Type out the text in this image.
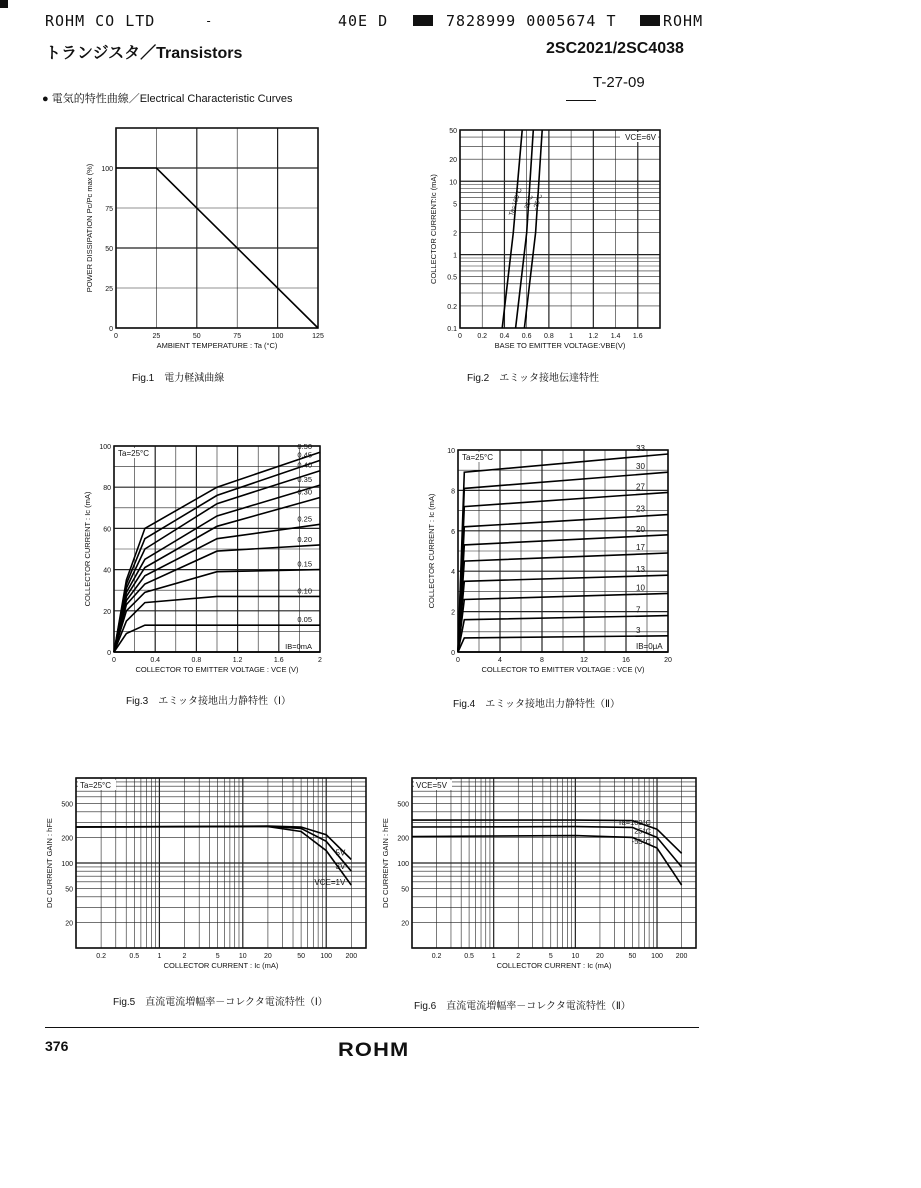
ROHM CO LTD	-	40E D	7828999 0005674 T	ROHM
トランジスタ／Transistors	2SC2021/2SC4038
T-27-09
● 電気的特性曲線／Electrical Characteristic Curves
0	25	50	75	100	125
0
25
50
75
100
AMBIENT TEMPERATURE : Ta (°C)
POWER DISSIPATION Pc/Pc max (%)
Fig.1　電力軽減曲線
0 0.2 0.4 0.6 0.8 1 1.2 1.4 1.6
0.1
0.2
0.5
1
2
5
10
20
50
BASE TO EMITTER VOLTAGE:VBE(V)
COLLECTOR CURRENT:Ic (mA)	Ta=100°C 25°C
-25°C
VCE=6V
Fig.2　エミッタ接地伝達特性
0	0.4	0.8	1.2	1.6	2
0
20
40
60
80
100
COLLECTOR TO EMITTER VOLTAGE : VCE (V)
COLLECTOR CURRENT : Ic (mA)
0.50
0.45
0.40
0.35
0.30
0.25
0.20
0.15
0.10
0.05
IB=0mA
Ta=25°C
Fig.3　エミッタ接地出力静特性（Ⅰ）
0	4	8	12	16	20
0
2
4
6
8
10
COLLECTOR TO EMITTER VOLTAGE : VCE (V)
COLLECTOR CURRENT : Ic (mA)
33
30
27
23
20
17
13
10
7
3
IB=0μA
Ta=25°C
Fig.4　エミッタ接地出力静特性（Ⅱ）
0.2	0.5	1	2	5	10 20	50 100 200
20
50
100
200
500
COLLECTOR CURRENT : Ic (mA)
DC CURRENT GAIN : hFE	5V
3V
VCE=1V
Ta=25°C
Fig.5　直流電流増幅率－コレクタ電流特性（Ⅰ）
0.2	0.5	1	2	5	10 20	50 100 200
20
50
100
200
500
COLLECTOR CURRENT : Ic (mA)
DC CURRENT GAIN : hFE	Ta=100°C
25°C
-55°C
VCE=5V
Fig.6　直流電流増幅率－コレクタ電流特性（Ⅱ）
376	ROHM
